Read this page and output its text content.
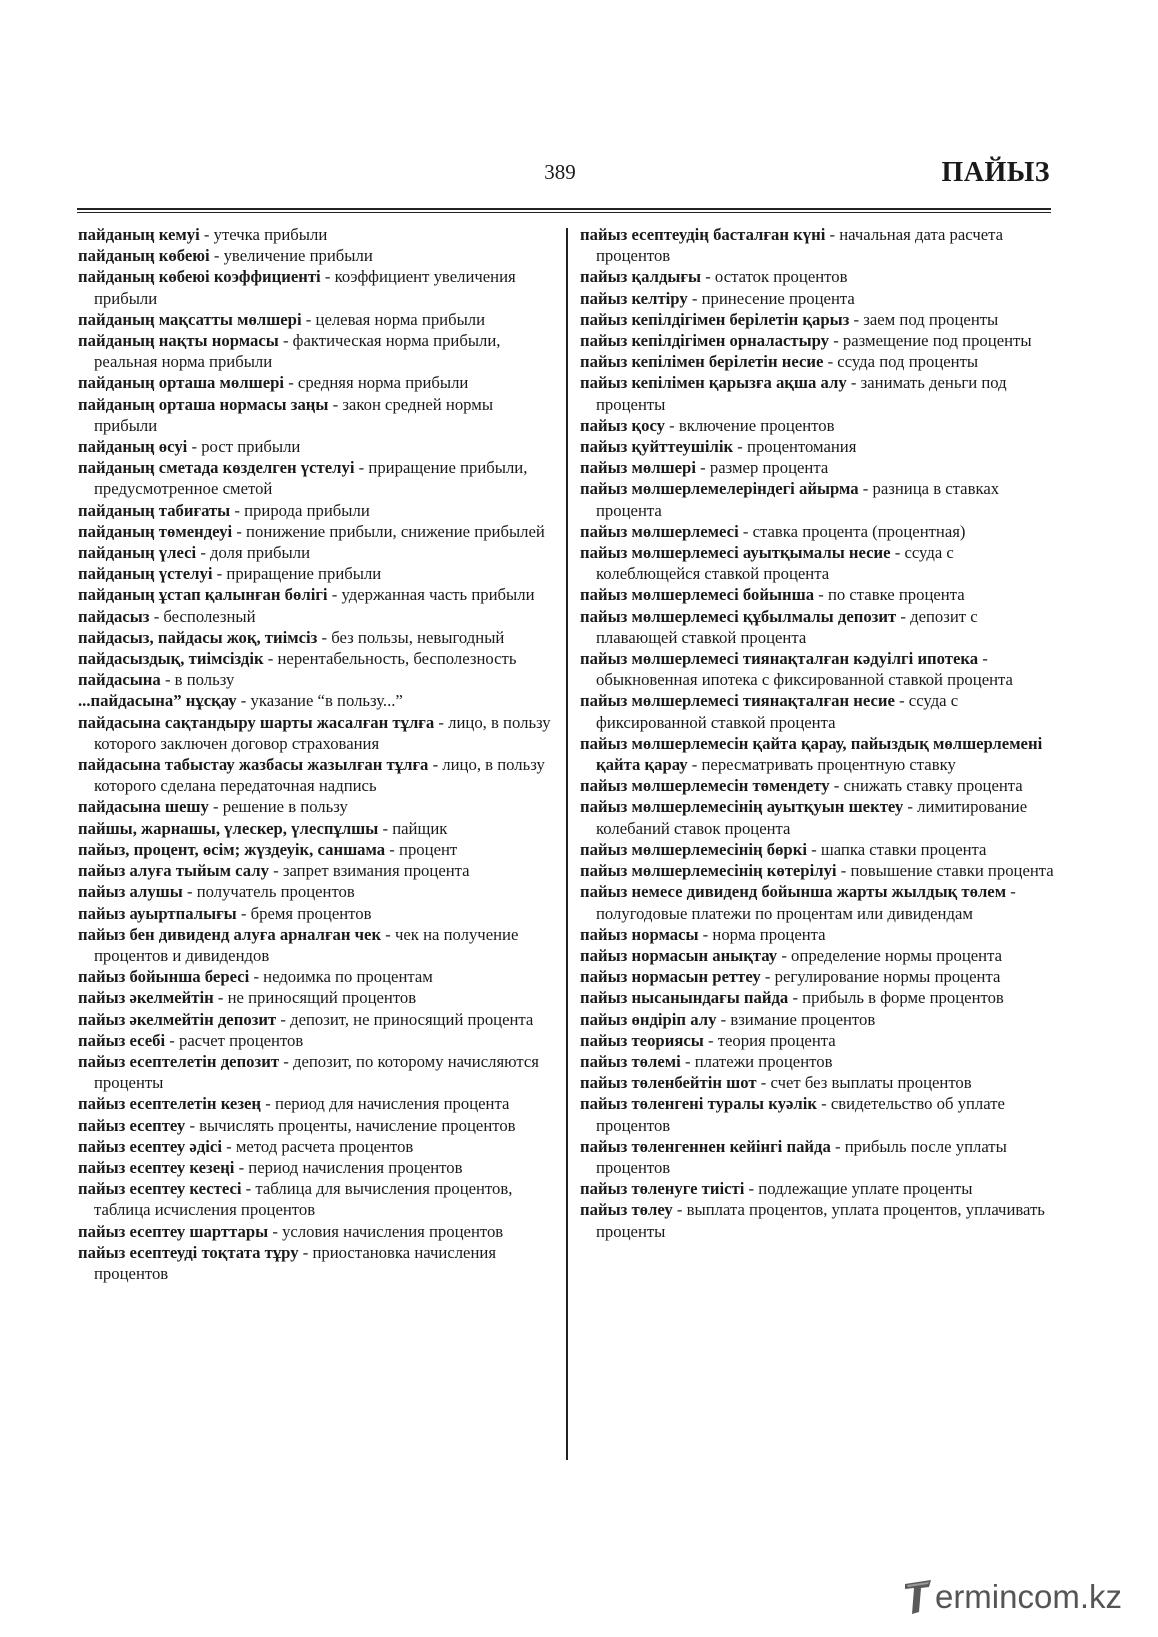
389	ПАЙЫЗ

пайданың кемуі - утечка прибыли

пайданың көбеюі - увеличение прибыли

пайданың көбеюі коэффициенті - коэффициент увеличения прибыли

пайданың мақсатты мөлшері - целевая норма прибыли

пайданың нақты нормасы - фактическая норма прибыли, реальная норма прибыли

пайданың орташа мөлшері - средняя норма прибыли

пайданың орташа нормасы заңы - закон средней нормы прибыли

пайданың өсуі - рост прибыли

пайданың сметада көзделген үстелуі - приращение прибыли, предусмотренное сметой

пайданың табиғаты - природа прибыли

пайданың төмендеуі - понижение прибыли, снижение прибылей

пайданың үлесі - доля прибыли

пайданың үстелуі - приращение прибыли

пайданың ұстап қалынған бөлігі - удержанная часть прибыли

пайдасыз - бесполезный

пайдасыз, пайдасы жоқ, тиімсіз - без пользы, невыгодный

пайдасыздық, тиімсіздік - нерентабельность, бесполезность

пайдасына - в пользу

...пайдасына” нұсқау - указание “в пользу...”

пайдасына сақтандыру шарты жасалған тұлға - лицо, в пользу которого заключен договор страхования

пайдасына табыстау жазбасы жазылған тұлға - лицо, в пользу которого сделана передаточная надпись

пайдасына шешу - решение в пользу

пайшы, жарнашы, үлескер, үлеспұлшы - пайщик

пайыз, процент, өсім; жүздеуік, саншама - процент

пайыз алуға тыйым салу - запрет взимания процента

пайыз алушы - получатель процентов

пайыз ауыртпалығы - бремя процентов

пайыз бен дивиденд алуға арналған чек - чек на получение процентов и дивидендов

пайыз бойынша бересі - недоимка по процентам

пайыз әкелмейтін - не приносящий процентов

пайыз әкелмейтін депозит - депозит, не приносящий процента

пайыз есебі - расчет процентов

пайыз есептелетін депозит - депозит, по которому начисляются проценты

пайыз есептелетін кезең - период для начисления процента

пайыз есептеу - вычислять проценты, начисление процентов

пайыз есептеу әдісі - метод расчета процентов

пайыз есептеу кезеңі - период начисления процентов

пайыз есептеу кестесі - таблица для вычисления процентов, таблица исчисления процентов

пайыз есептеу шарттары - условия начисления процентов

пайыз есептеуді тоқтата тұру - приостановка начисления процентов

пайыз есептеудің басталған күні - начальная дата расчета процентов

пайыз қалдығы - остаток процентов

пайыз келтіру - принесение процента

пайыз кепілдігімен берілетін қарыз - заем под проценты

пайыз кепілдігімен орналастыру - размещение под проценты

пайыз кепілімен берілетін несие - ссуда под проценты

пайыз кепілімен қарызға ақша алу - занимать деньги под проценты

пайыз қосу - включение процентов

пайыз қуйттеушілік - процентомания

пайыз мөлшері - размер процента

пайыз мөлшерлемелеріндегі айырма - разница в ставках процента

пайыз мөлшерлемесі - ставка процента (процентная)

пайыз мөлшерлемесі ауытқымалы несие - ссуда с колеблющейся ставкой процента

пайыз мөлшерлемесі бойынша - по ставке процента

пайыз мөлшерлемесі құбылмалы депозит - депозит с плавающей ставкой процента

пайыз мөлшерлемесі тиянақталған кәдуілгі ипотека - обыкновенная ипотека с фиксированной ставкой процента

пайыз мөлшерлемесі тиянақталған несие - ссуда с фиксированной ставкой процента

пайыз мөлшерлемесін қайта қарау, пайыздық мөлшерлемені қайта қарау - пересматривать процентную ставку

пайыз мөлшерлемесін төмендету - снижать ставку процента

пайыз мөлшерлемесінің ауытқуын шектеу - лимитирование колебаний ставок процента

пайыз мөлшерлемесінің бөркі - шапка ставки процента

пайыз мөлшерлемесінің көтерілуі - повышение ставки процента

пайыз немесе дивиденд бойынша жарты жылдық төлем - полугодовые платежи по процентам или дивидендам

пайыз нормасы - норма процента

пайыз нормасын анықтау - определение нормы процента

пайыз нормасын реттеу - регулирование нормы процента

пайыз нысанындағы пайда - прибыль в форме процентов

пайыз өндіріп алу - взимание процентов

пайыз теориясы - теория процента

пайыз төлемі - платежи процентов

пайыз төленбейтін шот - счет без выплаты процентов

пайыз төленгені туралы куәлік - свидетельство об уплате процентов

пайыз төленгеннен кейінгі пайда - прибыль после уплаты процентов

пайыз төленуге тиісті - подлежащие уплате проценты

пайыз төлеу - выплата процентов, уплата процентов, уплачивать проценты

ermincom.kz
